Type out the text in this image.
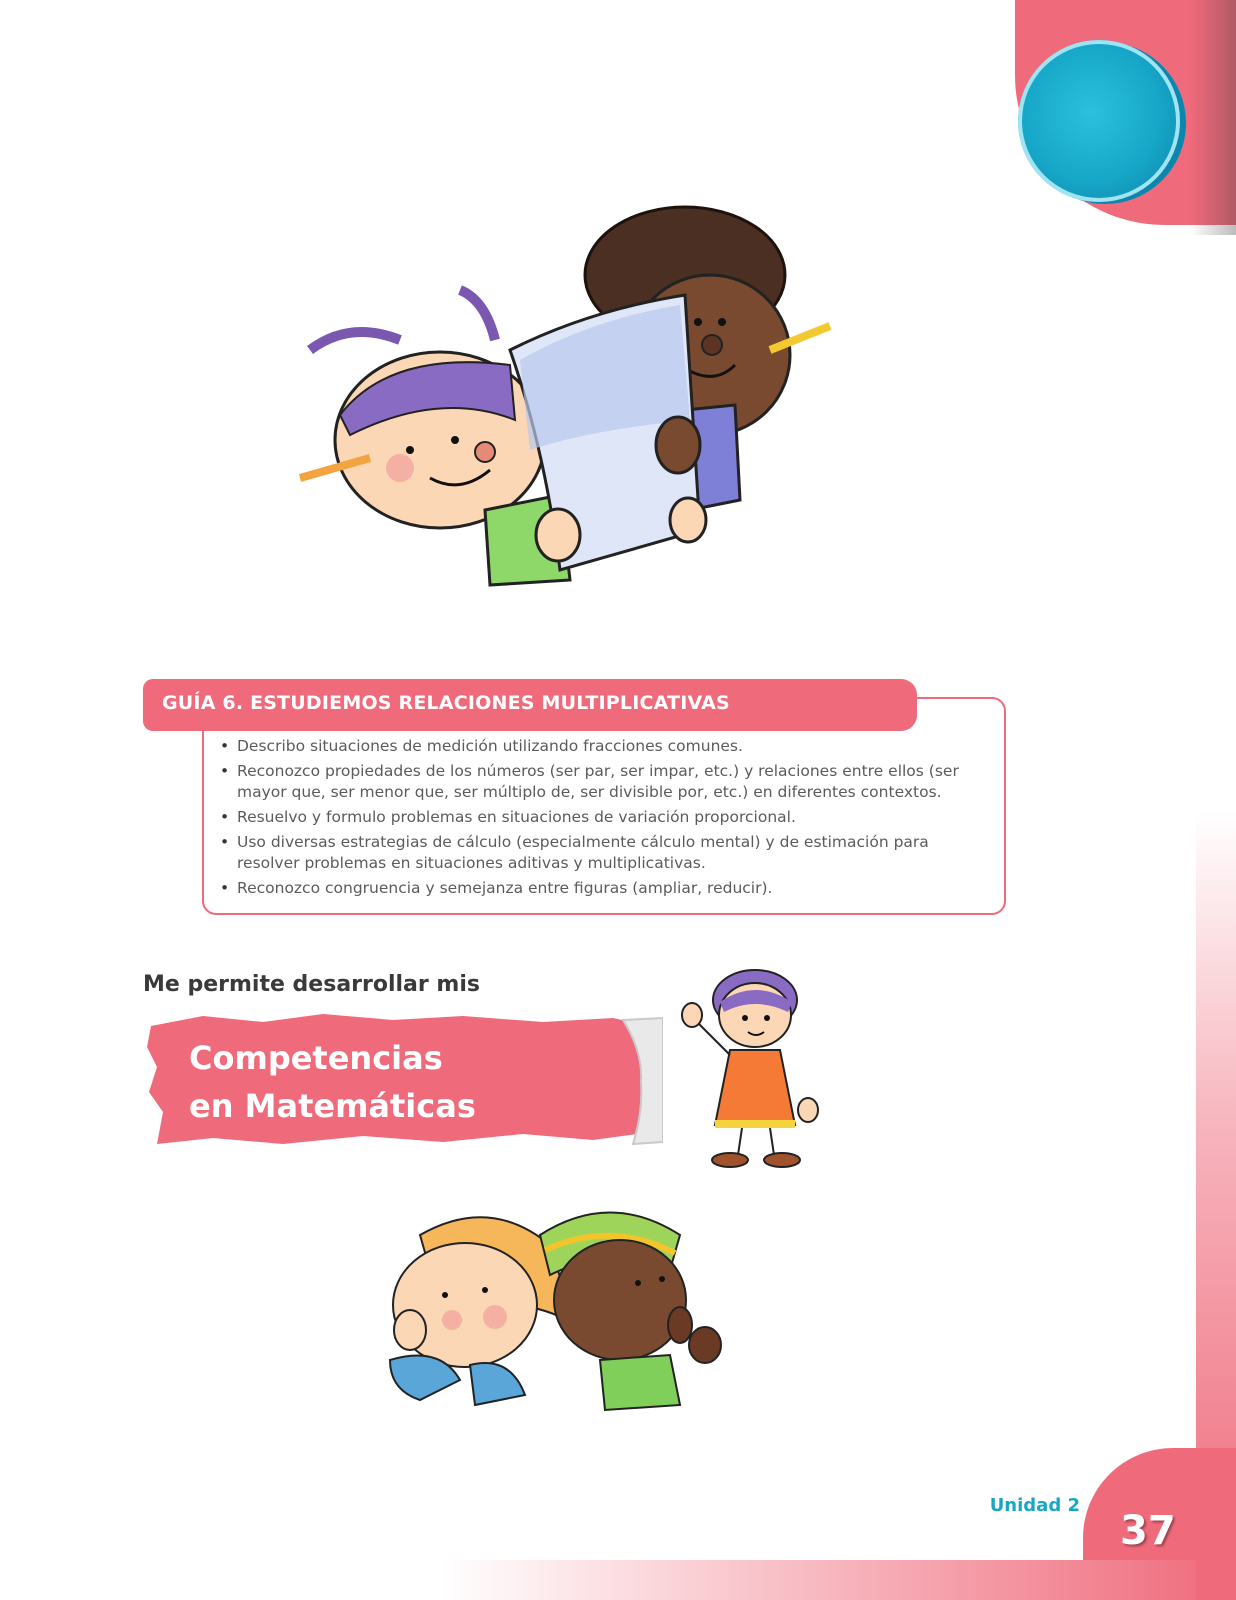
GUÍA 6. ESTUDIEMOS RELACIONES MULTIPLICATIVAS
• Describo situaciones de medición utilizando fracciones comunes.
• Reconozco propiedades de los números (ser par, ser impar, etc.) y relaciones entre ellos (ser mayor que, ser menor que, ser múltiplo de, ser divisible por, etc.) en diferentes contextos.
• Resuelvo y formulo problemas en situaciones de variación proporcional.
• Uso diversas estrategias de cálculo (especialmente cálculo mental) y de estimación para resolver problemas en situaciones aditivas y multiplicativas.
• Reconozco congruencia y semejanza entre figuras (ampliar, reducir).
Me permite desarrollar mis
Competencias
en Matemáticas
Unidad 2
37
